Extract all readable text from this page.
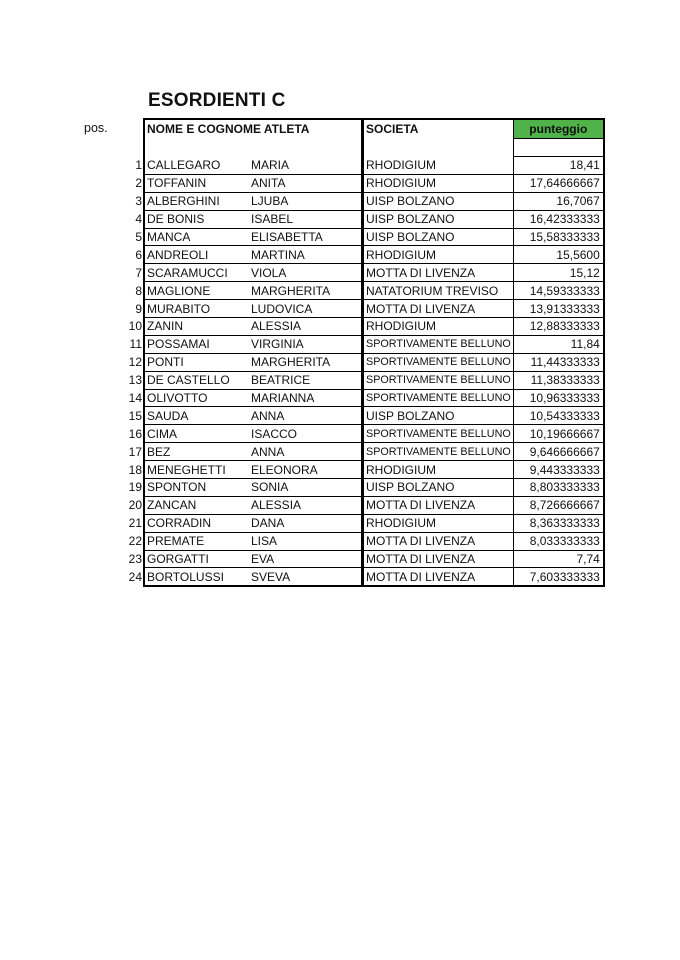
ESORDIENTI C
pos.
		NOME E COGNOME ATLETA		SOCIETA	punteggio

1	CALLEGARO	MARIA	RHODIGIUM	18,41
2	TOFFANIN	ANITA	RHODIGIUM	17,64666667
3	ALBERGHINI	LJUBA	UISP BOLZANO	16,7067
4	DE BONIS	ISABEL	UISP BOLZANO	16,42333333
5	MANCA	ELISABETTA	UISP BOLZANO	15,58333333
6	ANDREOLI	MARTINA	RHODIGIUM	15,5600
7	SCARAMUCCI	VIOLA	MOTTA DI LIVENZA	15,12
8	MAGLIONE	MARGHERITA	NATATORIUM TREVISO	14,59333333
9	MURABITO	LUDOVICA	MOTTA DI LIVENZA	13,91333333
10	ZANIN	ALESSIA	RHODIGIUM	12,88333333
11	POSSAMAI	VIRGINIA	SPORTIVAMENTE BELLUNO	11,84
12	PONTI	MARGHERITA	SPORTIVAMENTE BELLUNO	11,44333333
13	DE CASTELLO	BEATRICE	SPORTIVAMENTE BELLUNO	11,38333333
14	OLIVOTTO	MARIANNA	SPORTIVAMENTE BELLUNO	10,96333333
15	SAUDA	ANNA	UISP BOLZANO	10,54333333
16	CIMA	ISACCO	SPORTIVAMENTE BELLUNO	10,19666667
17	BEZ	ANNA	SPORTIVAMENTE BELLUNO	9,646666667
18	MENEGHETTI	ELEONORA	RHODIGIUM	9,443333333
19	SPONTON	SONIA	UISP BOLZANO	8,803333333
20	ZANCAN	ALESSIA	MOTTA DI LIVENZA	8,726666667
21	CORRADIN	DANA	RHODIGIUM	8,363333333
22	PREMATE	LISA	MOTTA DI LIVENZA	8,033333333
23	GORGATTI	EVA	MOTTA DI LIVENZA	7,74
24	BORTOLUSSI	SVEVA	MOTTA DI LIVENZA	7,603333333
